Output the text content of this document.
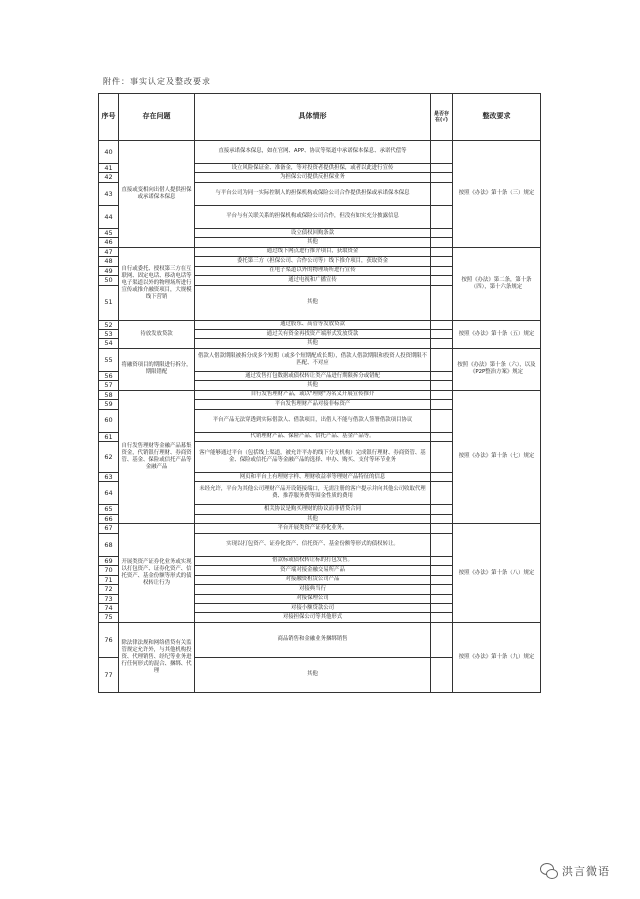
附件：事实认定及整改要求
序号	存在问题	具体情形	是否存在(√)	整改要求
40	直接或变相向出借人提供担保或承诺保本保息	直接承诺保本保息，如在官网、APP、协议等渠道中承诺保本保息、承诺代偿等		按照《办法》第十条（三）规定
41		设立风险保证金、准备金，等对投资者提供担保，或者以此进行宣传		
42		为担保公司提供反担保业务		
43		与平台公司为同一实际控制人的担保机构或保险公司合作提供担保或承诺保本保息		
44		平台与有关联关系的担保机构或保险公司合作，但没有如实充分披露信息		
45		设立债权回购条款		
46		其他		
47	自行或委托、授权第三方在互联网、固定电话、移动电话等电子渠道以外的物理场所进行宣传或推介融资项目，大规模线下营销	通过线下网点进行推介项目，获取资金		按照《办法》第二条，第十条（四），第十六条规定
48		委托第三方（担保公司、合作公司等）线下推介项目，获取资金		
49		在电子渠道以外的物理场所进行宣传		
50		通过电视和广播宣传		
51		其他		
52	待放发放贷款	通过股东、高管等发放贷款		按照《办法》第十条（五）规定
53		通过关有资金再找资产端形式发放贷款		
54		其他		
55	将融资项目的期限进行拆分，期限错配	借款人借款期限被拆分成多个短期（或多个短期配成长期），借款人借款期限和投资人投资期限不匹配、不对应		按照《办法》第十条（六），以及《P2P整治方案》规定
56		通过发售打包数据或债权转让类产品进行期限拆分或错配		
57		其他		
58	自行发售理财等金融产品募集资金，代销银行理财、券商资管、基金、保险或信托产品等金融产品	自行发售理财产品，或以"理财"为名义开展宣传推介		按照《办法》第十条（七）规定
59		平台发售理财产品对接非标资产		
60		平台产品无法穿透到实际借款人、借款项目，出借人不能与借款人签署借款项目协议		
61		代销理财产品、保险产品、信托产品、基金产品等。		
62		客户能够通过平台（包括线上渠道，被允许平办的线下分支机构）完成银行理财、券商资管、基金、保险或信托产品等金融产品的选择、申办、购买、支付等环节业务		
63		网页和平台上有理财字样、理财收益率等理财产品特征的信息		
64		未经允许，平台为其他公司理财产品开设链接端口，无需注册的客户提示并向其他公司收取代理费、推荐服务费等围金性质的费用		
65		相关协议是购买理财的协议而非借贷合同		
66		其他		
67	开展类资产证券化业务或实现以打包资产、证券化资产、信托资产、基金份额等形式的债权转让行为	平台开展类资产证券化业务。		按照《办法》第十条（八）规定
68		实现以打包资产、证券化资产、信托资产、基金份额等形式的债权转让。		
69		借款标或债权转让标的打包发售。		
70		资产端对接金融交易所产品		
71		对接融资租赁公司产品		
72		对接典当行		
73		对接保理公司		
74		对接小额贷款公司		
75		对接担保公司等其他形式		
76	除法律法规和网络借贷有关监管规定允许外，与其他机构投资、代理销售、经纪等业务进行任何形式的混合、捆绑、代理	商品销售和金融业务捆绑销售		按照《办法》第十条（九）规定
77		其他		
洪言微语
